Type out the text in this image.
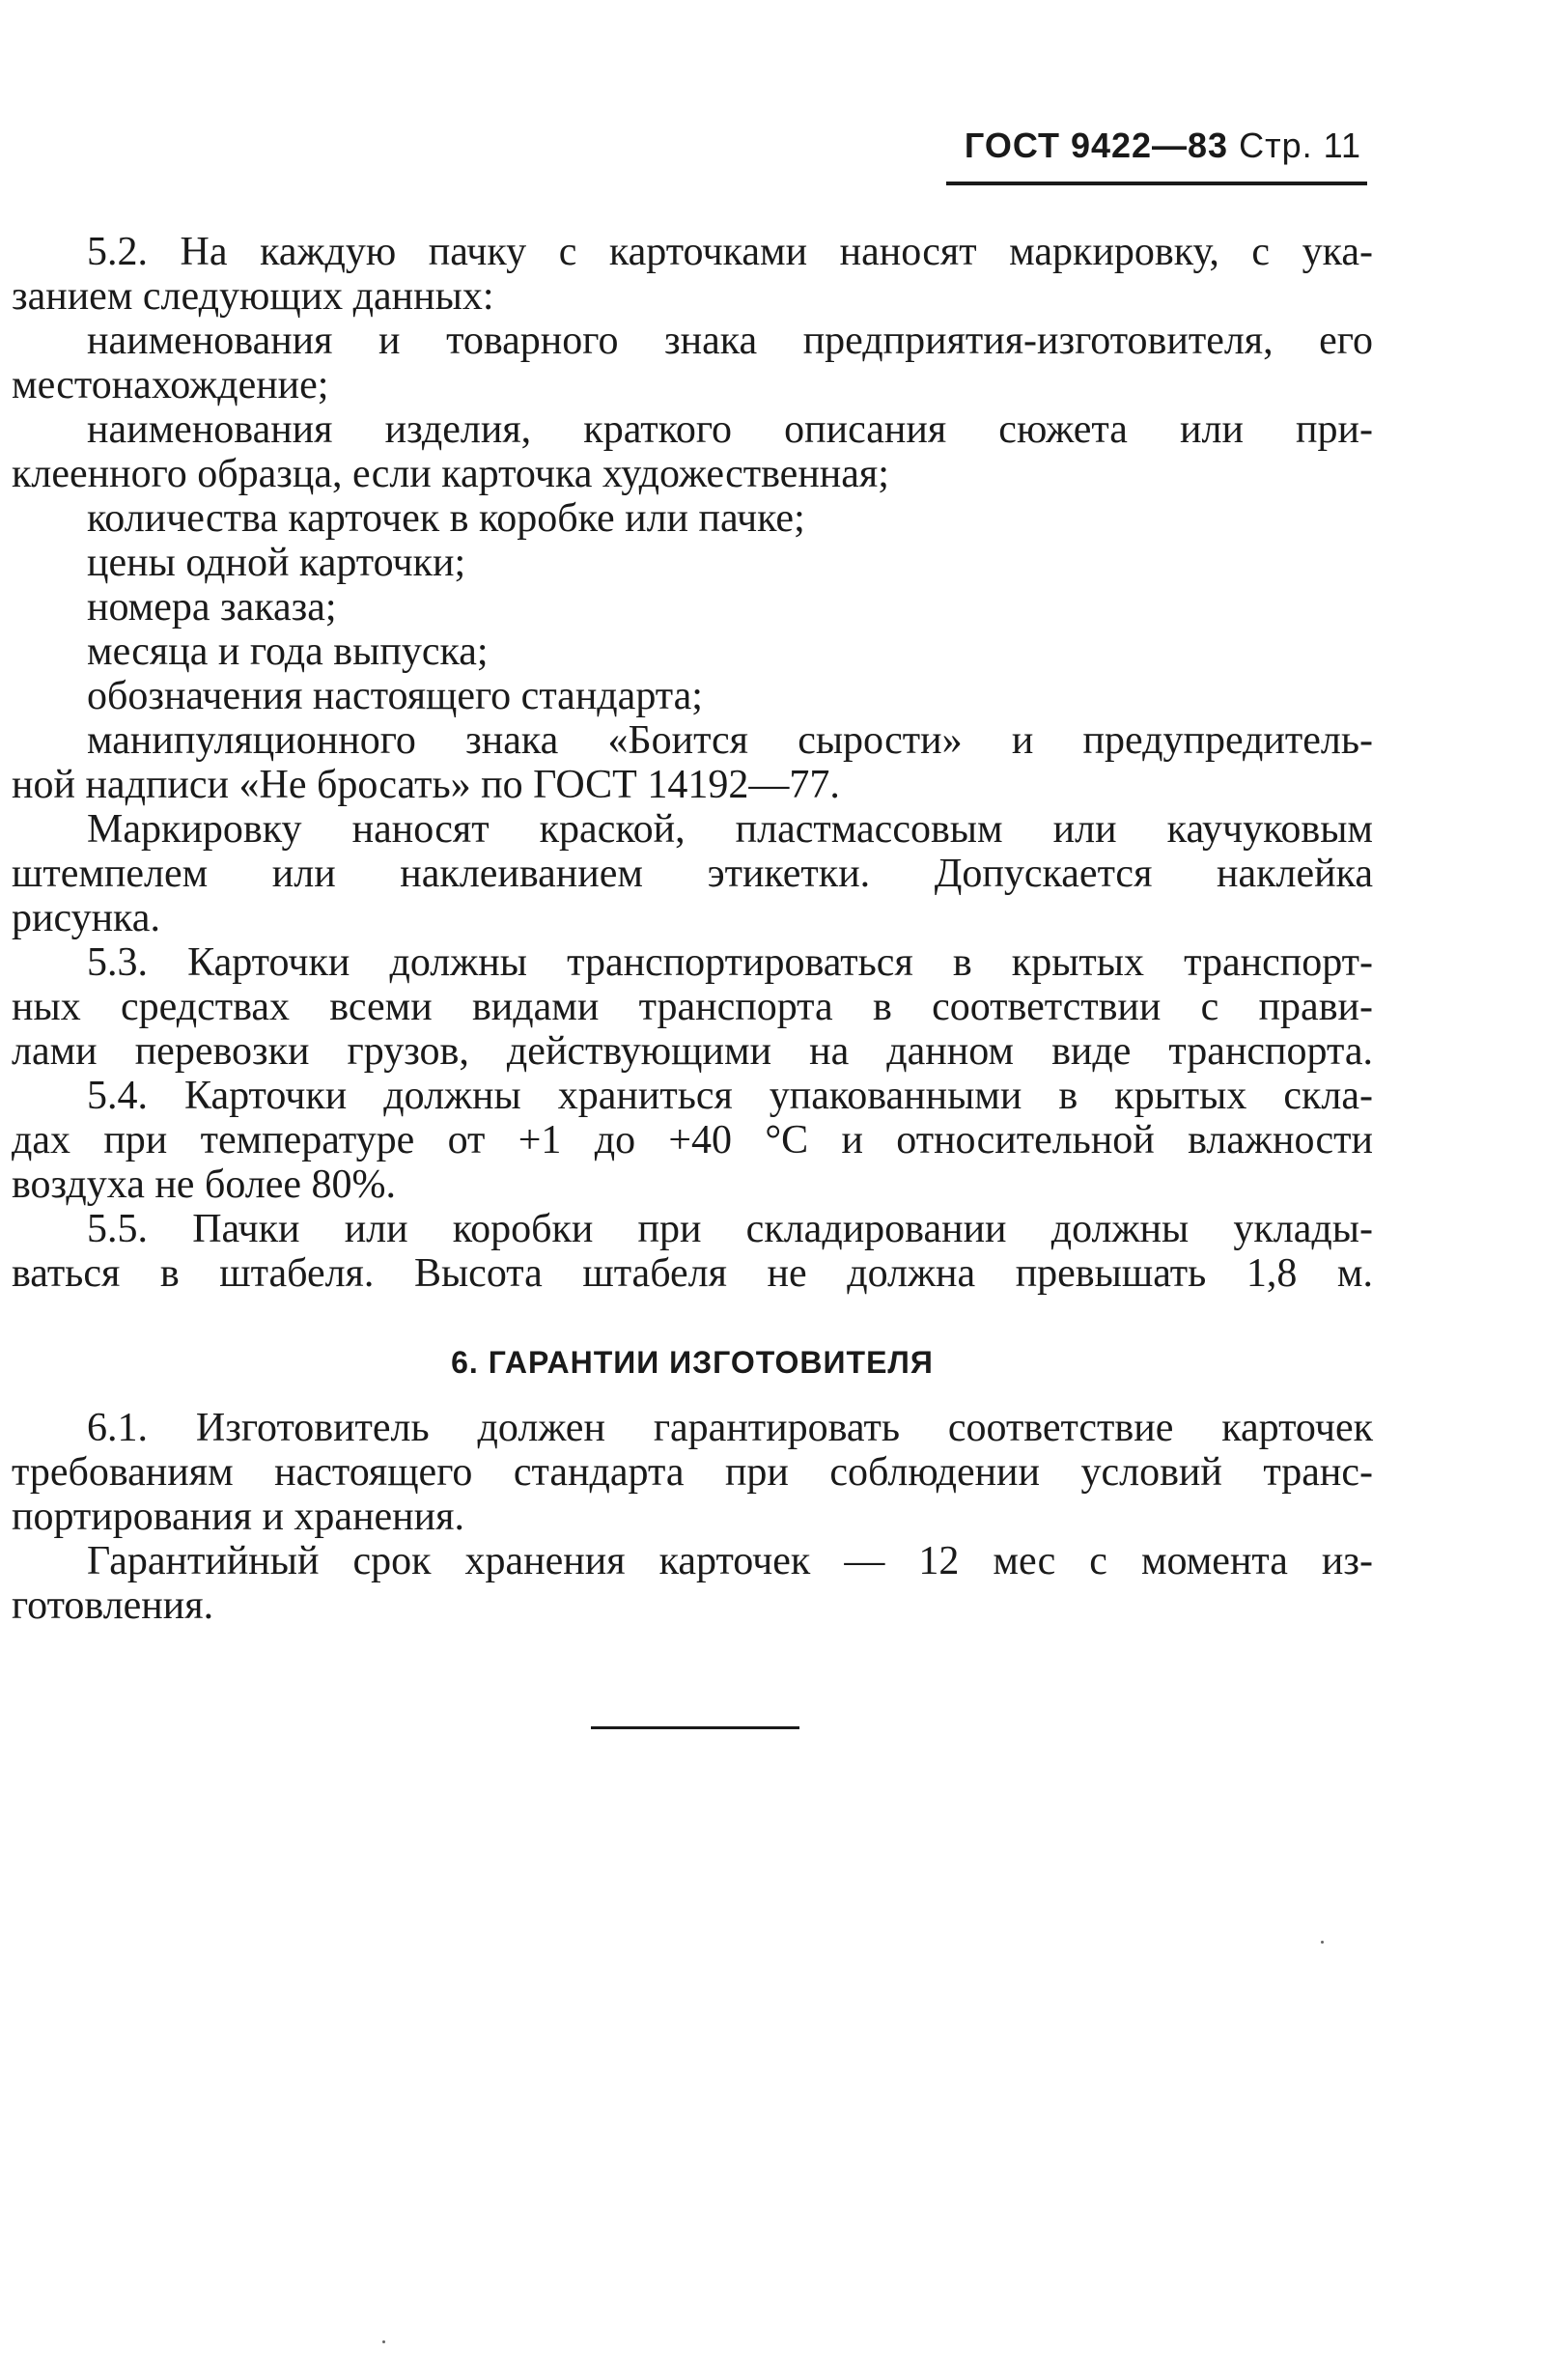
ГОСТ 9422—83 Стр. 11
5.2. На каждую пачку с карточками наносят маркировку, с ука-
занием следующих данных:
наименования и товарного знака предприятия-изготовителя, его
местонахождение;
наименования изделия, краткого описания сюжета или при-
клеенного образца, если карточка художественная;
количества карточек в коробке или пачке;
цены одной карточки;
номера заказа;
месяца и года выпуска;
обозначения настоящего стандарта;
манипуляционного знака «Боится сырости» и предупредитель-
ной надписи «Не бросать» по ГОСТ 14192—77.
Маркировку наносят краской, пластмассовым или каучуковым
штемпелем или наклеиванием этикетки. Допускается наклейка
рисунка.
5.3. Карточки должны транспортироваться в крытых транспорт-
ных средствах всеми видами транспорта в соответствии с прави-
лами перевозки грузов, действующими на данном виде транспорта.
5.4. Карточки должны храниться упакованными в крытых скла-
дах при температуре от +1 до +40 °С и относительной влажности
воздуха не более 80%.
5.5. Пачки или коробки при складировании должны уклады-
ваться в штабеля. Высота штабеля не должна превышать 1,8 м.
6. ГАРАНТИИ ИЗГОТОВИТЕЛЯ
6.1. Изготовитель должен гарантировать соответствие карточек
требованиям настоящего стандарта при соблюдении условий транс-
портирования и хранения.
Гарантийный срок хранения карточек — 12 мес с момента из-
готовления.
